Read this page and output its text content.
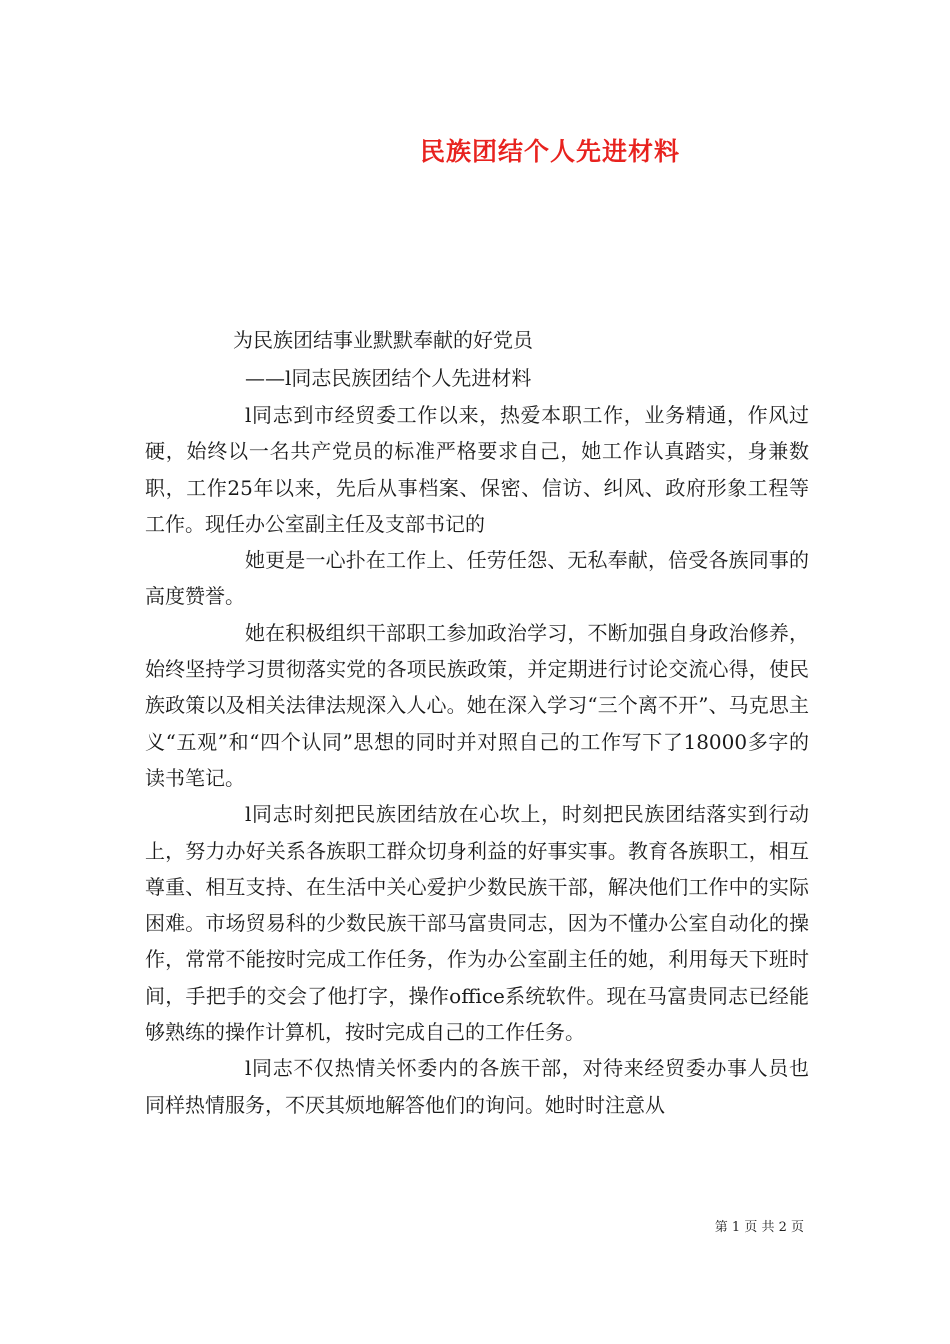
民族团结个人先进材料
为民族团结事业默默奉献的好党员
——l同志民族团结个人先进材料

l同志到市经贸委工作以来，热爱本职工作，业务精通，作风过硬，始终以一名共产党员的标准严格要求自己，她工作认真踏实，身兼数职，工作25年以来，先后从事档案、保密、信访、纠风、政府形象工程等工作。现任办公室副主任及支部书记的

她更是一心扑在工作上、任劳任怨、无私奉献，倍受各族同事的高度赞誉。

她在积极组织干部职工参加政治学习，不断加强自身政治修养，始终坚持学习贯彻落实党的各项民族政策，并定期进行讨论交流心得，使民族政策以及相关法律法规深入人心。她在深入学习“三个离不开”、马克思主义“五观”和“四个认同”思想的同时并对照自己的工作写下了18000多字的读书笔记。

l同志时刻把民族团结放在心坎上，时刻把民族团结落实到行动上，努力办好关系各族职工群众切身利益的好事实事。教育各族职工，相互尊重、相互支持、在生活中关心爱护少数民族干部，解决他们工作中的实际困难。市场贸易科的少数民族干部马富贵同志，因为不懂办公室自动化的操作，常常不能按时完成工作任务，作为办公室副主任的她，利用每天下班时间，手把手的交会了他打字，操作office系统软件。现在马富贵同志已经能够熟练的操作计算机，按时完成自己的工作任务。

l同志不仅热情关怀委内的各族干部，对待来经贸委办事人员也同样热情服务，不厌其烦地解答他们的询问。她时时注意从

第 1 页 共 2 页
